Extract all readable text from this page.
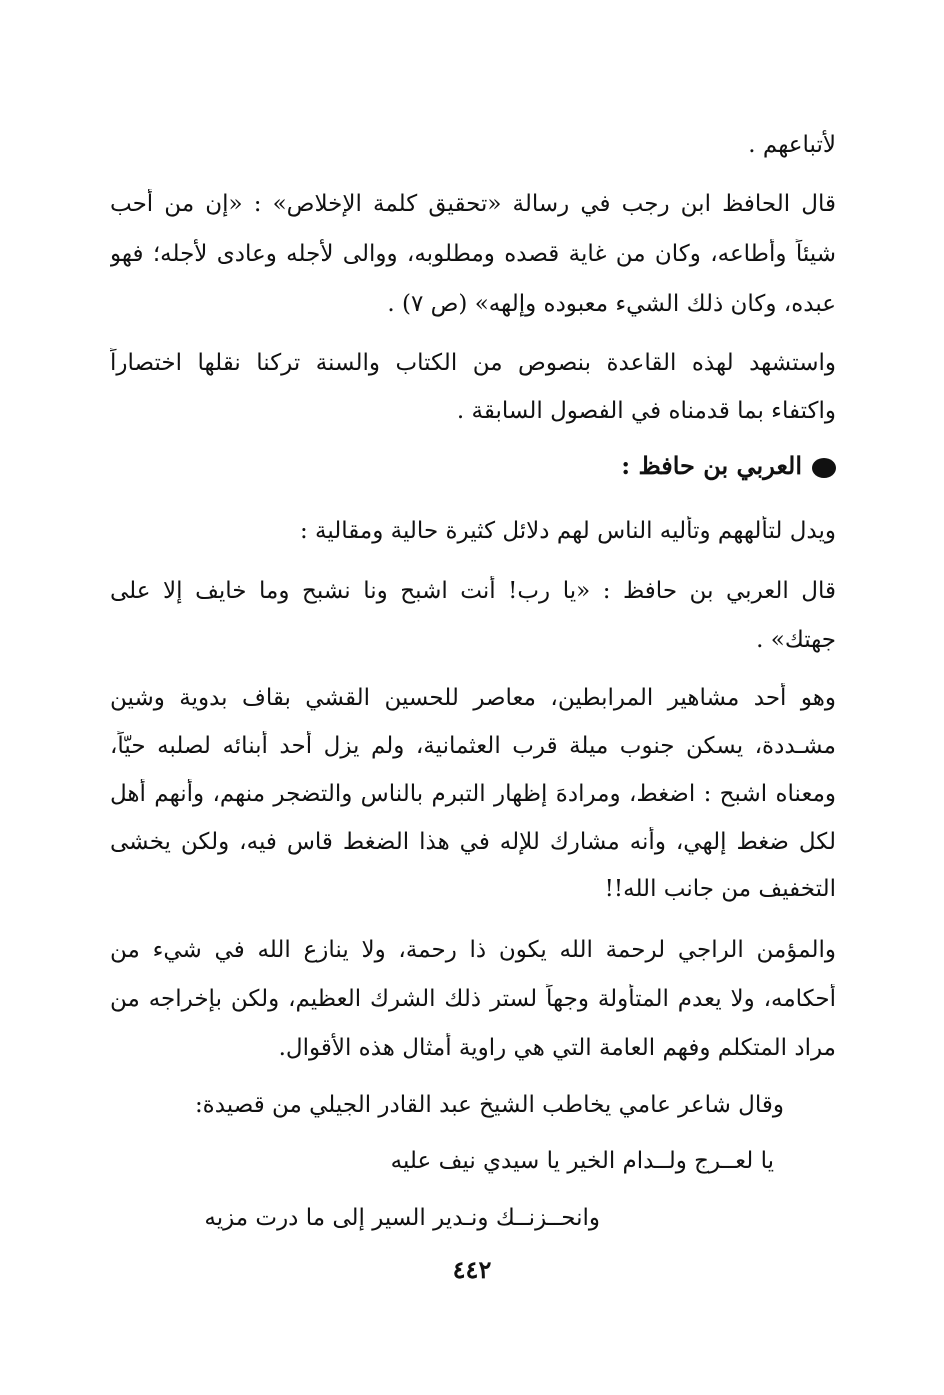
لأتباعهم .
قال الحافظ ابن رجب في رسالة «تحقيق كلمة الإخلاص» : «إن من أحب
شيئاً وأطاعه، وكان من غاية قصده ومطلوبه، ووالى لأجله وعادى لأجله؛ فهو
عبده، وكان ذلك الشيء معبوده وإلهه» (ص ٧) .
واستشهد لهذه القاعدة بنصوص من الكتاب والسنة تركنا نقلها اختصاراً
واكتفاء بما قدمناه في الفصول السابقة .
العربي بن حافظ :
ويدل لتألههم وتأليه الناس لهم دلائل كثيرة حالية ومقالية :
قال العربي بن حافظ : «يا رب! أنت اشبح ونا نشبح وما خايف إلا على
جهتك» .
وهو أحد مشاهير المرابطين، معاصر للحسين القشي بقاف بدوية وشين
مشـددة، يسكن جنوب ميلة قرب العثمانية، ولم يزل أحد أبنائه لصلبه حيّاً،
ومعناه اشبح : اضغط، ومرادهَ إظهار التبرم بالناس والتضجر منهم، وأنهم أهل
لكل ضغط إلهي، وأنه مشارك للإله في هذا الضغط قاس فيه، ولكن يخشى
التخفيف من جانب الله!!
والمؤمن الراجي لرحمة الله يكون ذا رحمة، ولا ينازع الله في شيء من
أحكامه، ولا يعدم المتأولة وجهاً لستر ذلك الشرك العظيم، ولكن بإخراجه من
مراد المتكلم وفهم العامة التي هي راوية أمثال هذه الأقوال.
وقال شاعر عامي يخاطب الشيخ عبد القادر الجيلي من قصيدة:
يا لعــرج ولــدام الخير يا سيدي نيف عليه
وانحــزنــك ونـدير السير إلى ما درت مزيه
٤٤٢
